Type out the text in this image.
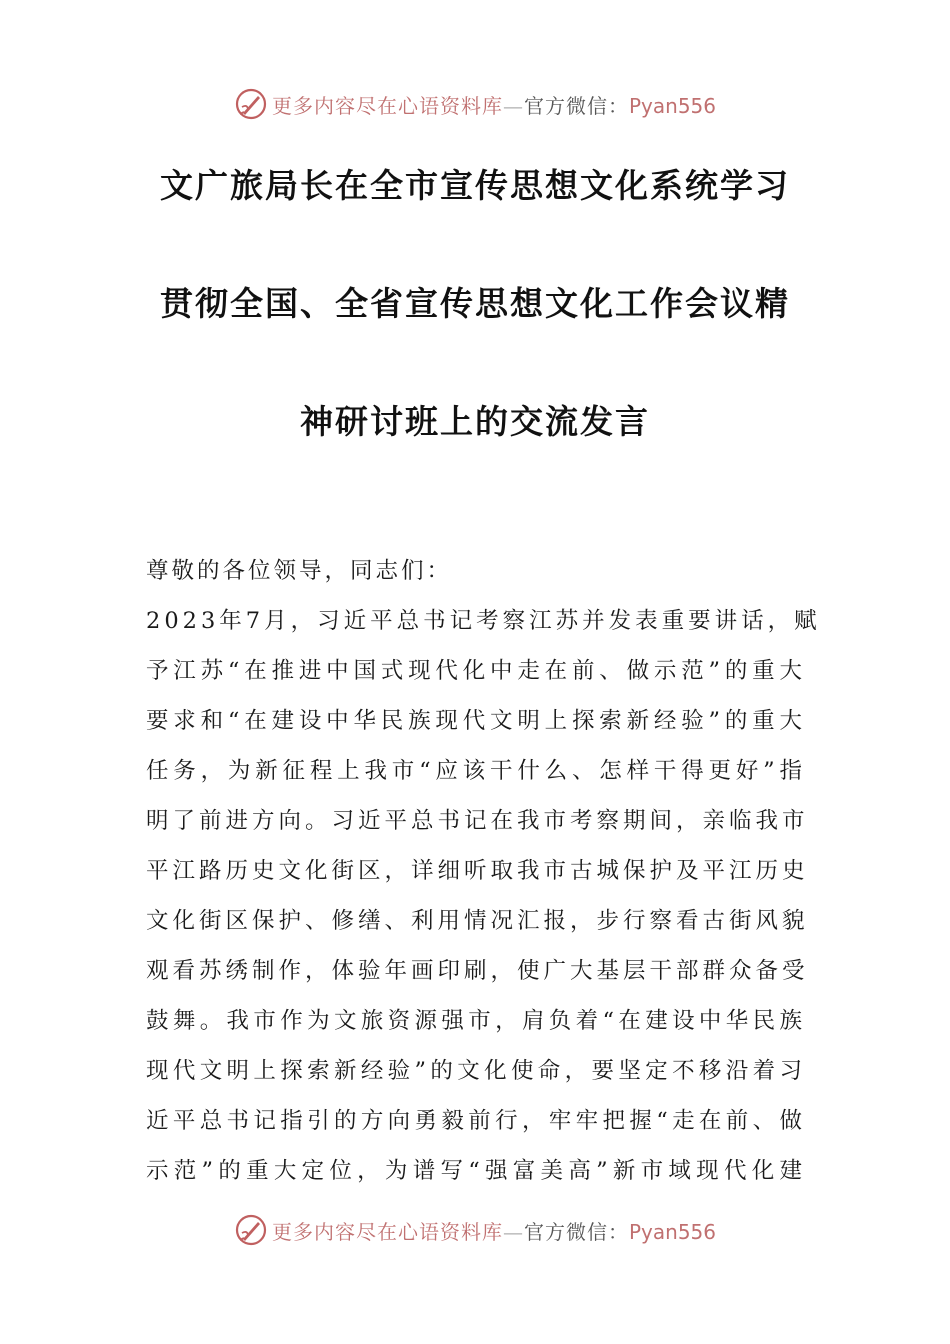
更多内容尽在心语资料库—官方微信：Pyan556
文广旅局长在全市宣传思想文化系统学习
贯彻全国、全省宣传思想文化工作会议精
神研讨班上的交流发言
尊敬的各位领导，同志们：
2023年7月，习近平总书记考察江苏并发表重要讲话，赋
予江苏“在推进中国式现代化中走在前、做示范”的重大
要求和“在建设中华民族现代文明上探索新经验”的重大
任务，为新征程上我市“应该干什么、怎样干得更好”指
明了前进方向。习近平总书记在我市考察期间，亲临我市
平江路历史文化街区，详细听取我市古城保护及平江历史
文化街区保护、修缮、利用情况汇报，步行察看古街风貌
观看苏绣制作，体验年画印刷，使广大基层干部群众备受
鼓舞。我市作为文旅资源强市，肩负着“在建设中华民族
现代文明上探索新经验”的文化使命，要坚定不移沿着习
近平总书记指引的方向勇毅前行，牢牢把握“走在前、做
示范”的重大定位，为谱写“强富美高”新市域现代化建
更多内容尽在心语资料库—官方微信：Pyan556
